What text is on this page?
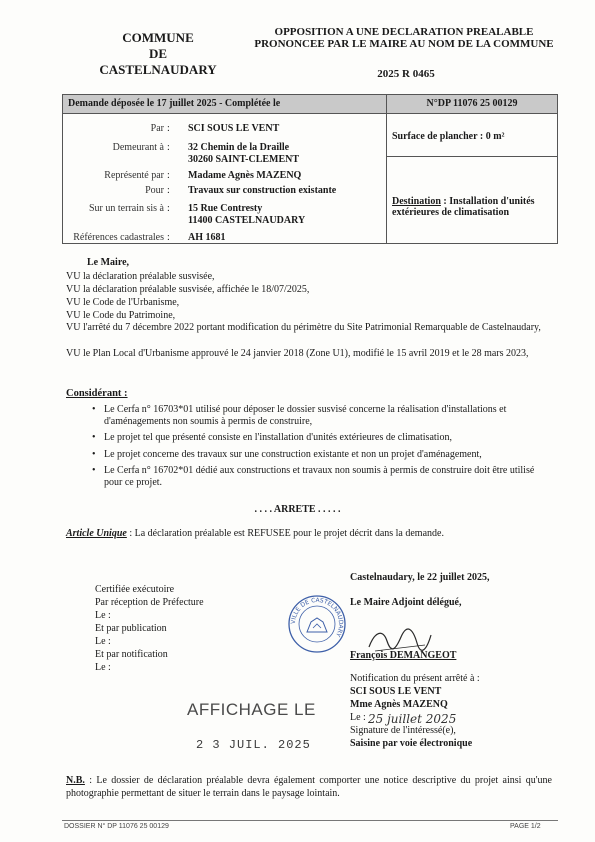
COMMUNE
DE
CASTELNAUDARY
OPPOSITION A UNE DECLARATION PREALABLE
PRONONCEE PAR LE MAIRE AU NOM DE LA COMMUNE
2025 R 0465
Demande déposée le 17 juillet 2025 - Complétée le	N°DP 11076 25 00129
Par : SCI SOUS LE VENT
Demeurant à : 32 Chemin de la Draille
30260 SAINT-CLEMENT
Représenté par : Madame Agnès MAZENQ
Pour : Travaux sur construction existante
Sur un terrain sis à : 15 Rue Contresty
11400 CASTELNAUDARY
Références cadastrales : AH 1681
Surface de plancher : 0 m²
Destination : Installation d'unités extérieures de climatisation
Le Maire,
VU la déclaration préalable susvisée,
VU la déclaration préalable susvisée, affichée le 18/07/2025,
VU le Code de l'Urbanisme,
VU le Code du Patrimoine,
VU l'arrêté du 7 décembre 2022 portant modification du périmètre du Site Patrimonial Remarquable de Castelnaudary,
VU le Plan Local d'Urbanisme approuvé le 24 janvier 2018 (Zone U1), modifié le 15 avril 2019 et le 28 mars 2023,
Considérant :
• Le Cerfa n° 16703*01 utilisé pour déposer le dossier susvisé concerne la réalisation d'installations et d'aménagements non soumis à permis de construire,
• Le projet tel que présenté consiste en l'installation d'unités extérieures de climatisation,
• Le projet concerne des travaux sur une construction existante et non un projet d'aménagement,
• Le Cerfa n° 16702*01 dédié aux constructions et travaux non soumis à permis de construire doit être utilisé pour ce projet.
. . . . ARRETE . . . . .
Article Unique : La déclaration préalable est REFUSEE pour le projet décrit dans la demande.
Certifiée exécutoire
Par réception de Préfecture
Le :
Et par publication
Le :
Et par notification
Le :
Castelnaudary, le 22 juillet 2025,
Le Maire Adjoint délégué,
VILLE DE CASTELNAUDARY
François DEMANGEOT
Notification du présent arrêté à :
SCI SOUS LE VENT
Mme Agnès MAZENQ
Le : 25 juillet 2025
Signature de l'intéressé(e),
Saisine par voie électronique
AFFICHAGE LE
2 3 JUIL. 2025
N.B. : Le dossier de déclaration préalable devra également comporter une notice descriptive du projet ainsi qu'une photographie permettant de situer le terrain dans le paysage lointain.
DOSSIER N° DP 11076 25 00129	PAGE 1/2
